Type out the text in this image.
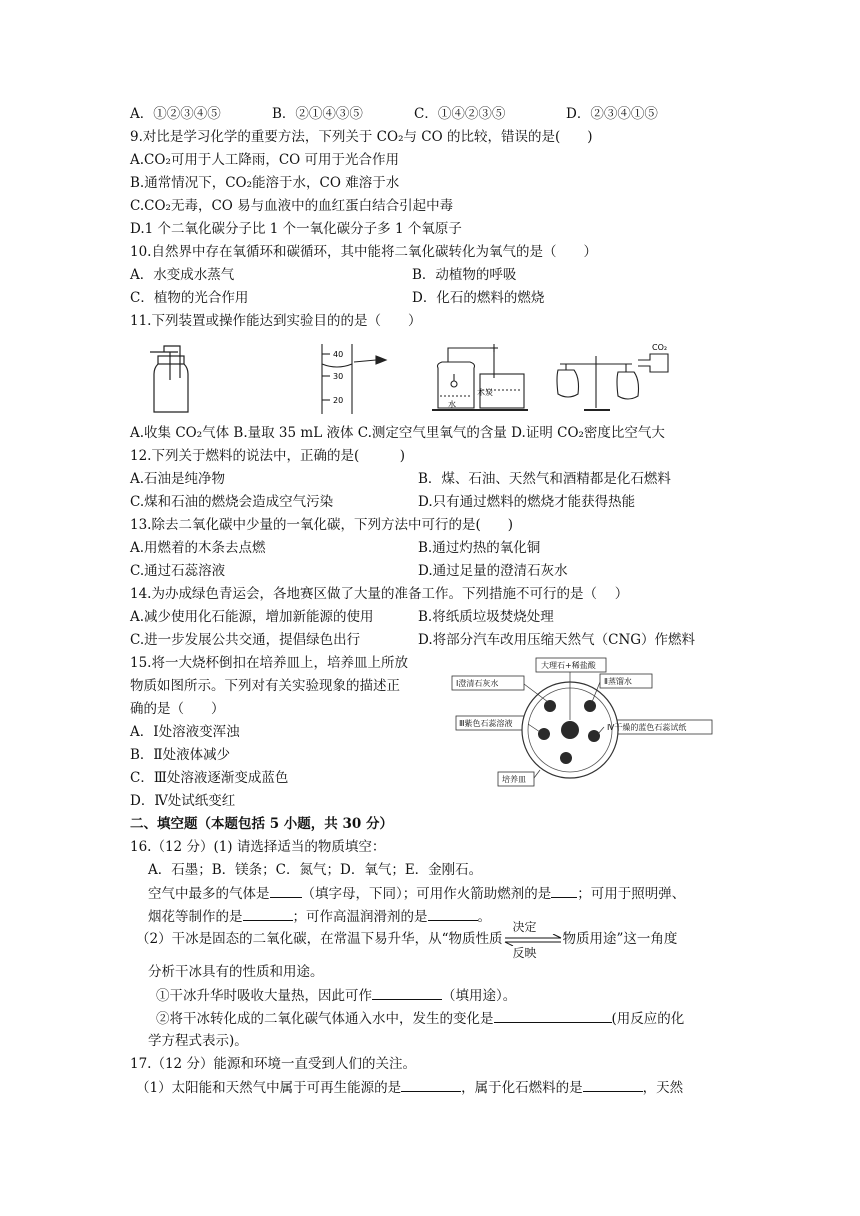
A．①②③④⑤	B．②①④③⑤	C．①④②③⑤	D．②③④①⑤
9.对比是学习化学的重要方法，下列关于 CO₂与 CO 的比较，错误的是(　　)
A.CO₂可用于人工降雨，CO 可用于光合作用
B.通常情况下，CO₂能溶于水，CO 难溶于水
C.CO₂无毒，CO 易与血液中的血红蛋白结合引起中毒
D.1 个二氧化碳分子比 1 个一氧化碳分子多 1 个氧原子
10.自然界中存在氧循环和碳循环，其中能将二氧化碳转化为氧气的是（　　）
A．水变成水蒸气	B．动植物的呼吸
C．植物的光合作用	D．化石的燃料的燃烧
11.下列装置或操作能达到实验目的的是（　　）
40
30
20
木炭
水
CO₂
A.收集 CO₂气体 B.量取 35 mL 液体 C.测定空气里氧气的含量 D.证明 CO₂密度比空气大
12.下列关于燃料的说法中，正确的是(　　　)
A.石油是纯净物	B．煤、石油、天然气和酒精都是化石燃料
C.煤和石油的燃烧会造成空气污染	D.只有通过燃料的燃烧才能获得热能
13.除去二氧化碳中少量的一氧化碳，下列方法中可行的是(　　)
A.用燃着的木条去点燃	B.通过灼热的氧化铜
C.通过石蕊溶液	D.通过足量的澄清石灰水
14.为办成绿色青运会，各地赛区做了大量的准备工作。下列措施不可行的是（　 ）
A.减少使用化石能源，增加新能源的使用	B.将纸质垃圾焚烧处理
C.进一步发展公共交通，提倡绿色出行	D.将部分汽车改用压缩天然气（CNG）作燃料
15.将一大烧杯倒扣在培养皿上，培养皿上所放
物质如图所示。下列对有关实验现象的描述正
确的是（　　）
A．Ⅰ处溶液变浑浊
B．Ⅱ处液体减少
C．Ⅲ处溶液逐渐变成蓝色
D．Ⅳ处试纸变红
大理石+稀盐酸
Ⅰ澄清石灰水	Ⅱ蒸馏水
Ⅲ紫色石蕊溶液	Ⅳ干燥的蓝色石蕊试纸
培养皿
二、填空题（本题包括 5 小题，共 30 分）
16.（12 分）(1) 请选择适当的物质填空：
A．石墨；B．镁条；C．氮气；D．氧气；E．金刚石。
空气中最多的气体是 （填字母，下同）；可用作火箭助燃剂的是 ；可用于照明弹、
烟花等制作的是	；可作高温润滑剂的是	。
（2）干冰是固态的二氧化碳，在常温下易升华，从“物质性质
决定
反映
物质用途”这一角度
分析干冰具有的性质和用途。
①干冰升华时吸收大量热，因此可作	（填用途）。
②将干冰转化成的二氧化碳气体通入水中，发生的变化是	(用反应的化
学方程式表示)。
17.（12 分）能源和环境一直受到人们的关注。
（1）太阳能和天然气中属于可再生能源的是	，属于化石燃料的是	，天然
